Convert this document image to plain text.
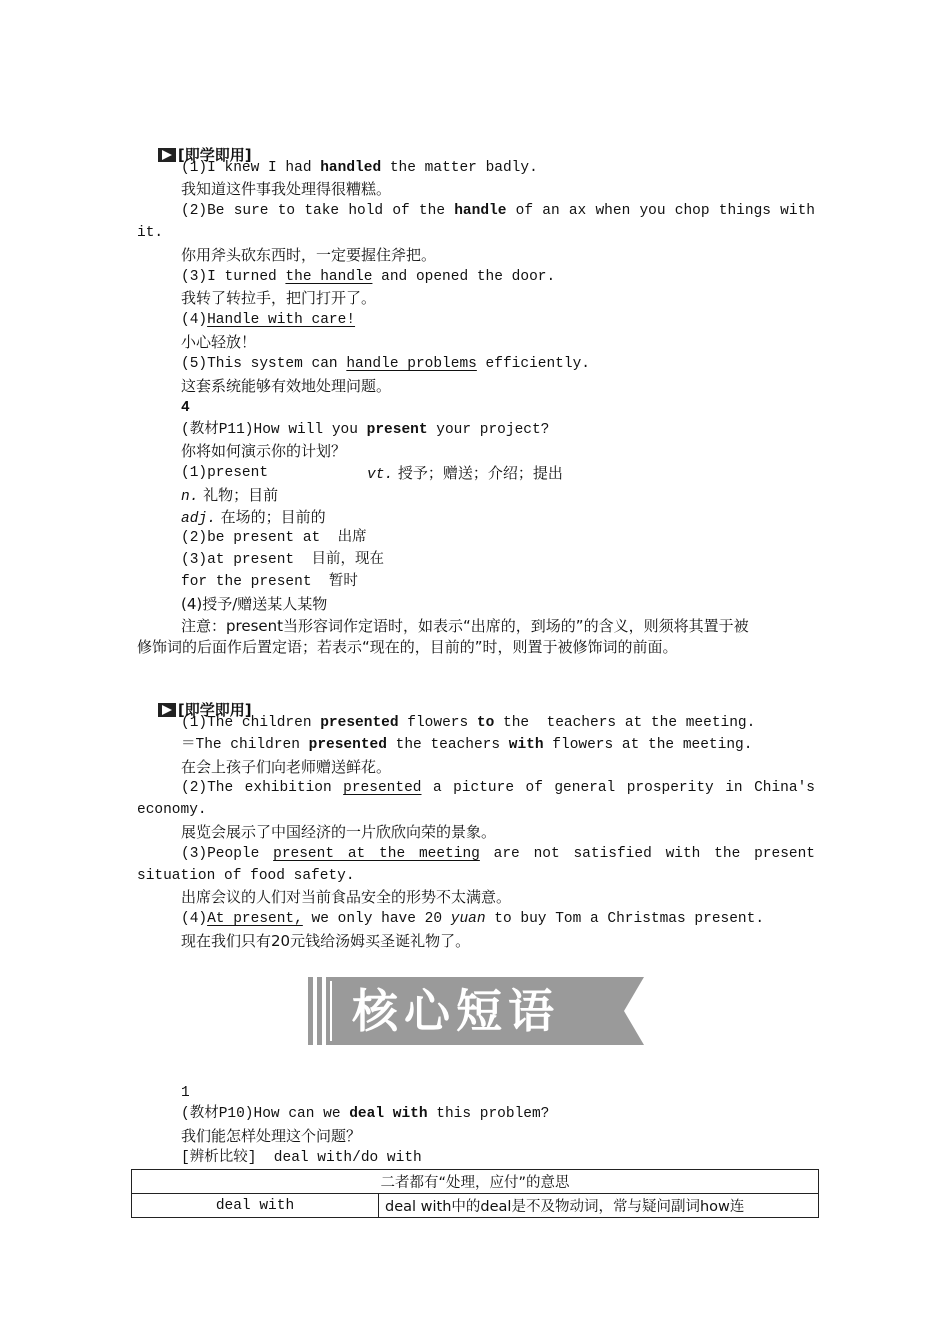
[即学即用]

(1)I knew I had handled the matter badly.
我知道这件事我处理得很糟糕。
(2)Be sure to take hold of the handle of an ax when you chop things with
it.
你用斧头砍东西时，一定要握住斧把。
(3)I turned the handle and opened the door.
我转了转拉手，把门打开了。
(4)Handle with care!
小心轻放！
(5)This system can handle problems efficiently.
这套系统能够有效地处理问题。
4
(教材P11)How will you present your project?
你将如何演示你的计划？
(1)present	vt. 授予；赠送；介绍；提出
n. 礼物；目前
adj. 在场的；目前的
(2)be present at  出席
(3)at present  目前，现在
for the present  暂时
(4)授予/赠送某人某物
注意：present当形容词作定语时，如表示“出席的，到场的”的含义，则须将其置于被
修饰词的后面作后置定语；若表示“现在的，目前的”时，则置于被修饰词的前面。

[即学即用]

(1)The children presented flowers to the  teachers at the meeting.
＝The children presented the teachers with flowers at the meeting.
在会上孩子们向老师赠送鲜花。
(2)The exhibition presented a picture of general prosperity in China's
economy.
展览会展示了中国经济的一片欣欣向荣的景象。
(3)People present at the meeting are not satisfied with the present
situation of food safety.
出席会议的人们对当前食品安全的形势不太满意。
(4)At present, we only have 20 yuan to buy Tom a Christmas present.
现在我们只有20元钱给汤姆买圣诞礼物了。
核心短语
1
(教材P10)How can we deal with this problem?
我们能怎样处理这个问题？
[辨析比较]  deal with/do with
二者都有“处理，应付”的意思
deal with	deal with中的deal是不及物动词，常与疑问副词how连
